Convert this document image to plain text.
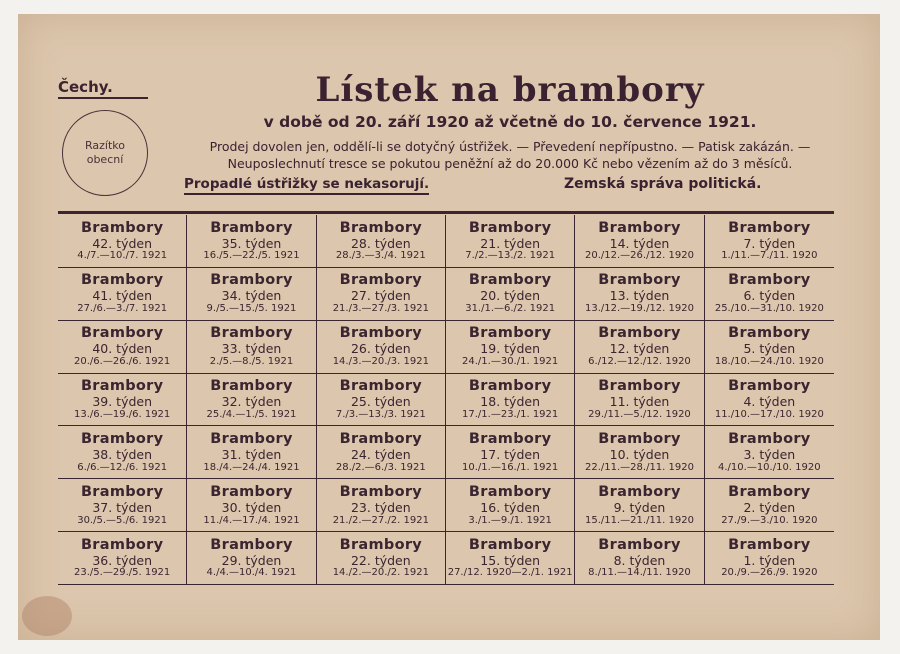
Čechy.
Razítko obecní
Lístek na brambory
v době od 20. září 1920 až včetně do 10. července 1921.
Prodej dovolen jen, oddělí-li se dotyčný ústřižek. — Převedení nepřípustno. — Patisk zakázán. —
Neuposlechnutí tresce se pokutou peněžní až do 20.000 Kč nebo vězením až do 3 měsíců.
Propadlé ústřižky se nekasorují.	Zemská správa politická.
Brambory
42. týden
4./7.—10./7. 1921
Brambory
35. týden
16./5.—22./5. 1921
Brambory
28. týden
28./3.—3./4. 1921
Brambory
21. týden
7./2.—13./2. 1921
Brambory
14. týden
20./12.—26./12. 1920
Brambory
7. týden
1./11.—7./11. 1920
Brambory
41. týden
27./6.—3./7. 1921
Brambory
34. týden
9./5.—15./5. 1921
Brambory
27. týden
21./3.—27./3. 1921
Brambory
20. týden
31./1.—6./2. 1921
Brambory
13. týden
13./12.—19./12. 1920
Brambory
6. týden
25./10.—31./10. 1920
Brambory
40. týden
20./6.—26./6. 1921
Brambory
33. týden
2./5.—8./5. 1921
Brambory
26. týden
14./3.—20./3. 1921
Brambory
19. týden
24./1.—30./1. 1921
Brambory
12. týden
6./12.—12./12. 1920
Brambory
5. týden
18./10.—24./10. 1920
Brambory
39. týden
13./6.—19./6. 1921
Brambory
32. týden
25./4.—1./5. 1921
Brambory
25. týden
7./3.—13./3. 1921
Brambory
18. týden
17./1.—23./1. 1921
Brambory
11. týden
29./11.—5./12. 1920
Brambory
4. týden
11./10.—17./10. 1920
Brambory
38. týden
6./6.—12./6. 1921
Brambory
31. týden
18./4.—24./4. 1921
Brambory
24. týden
28./2.—6./3. 1921
Brambory
17. týden
10./1.—16./1. 1921
Brambory
10. týden
22./11.—28./11. 1920
Brambory
3. týden
4./10.—10./10. 1920
Brambory
37. týden
30./5.—5./6. 1921
Brambory
30. týden
11./4.—17./4. 1921
Brambory
23. týden
21./2.—27./2. 1921
Brambory
16. týden
3./1.—9./1. 1921
Brambory
9. týden
15./11.—21./11. 1920
Brambory
2. týden
27./9.—3./10. 1920
Brambory
36. týden
23./5.—29./5. 1921
Brambory
29. týden
4./4.—10./4. 1921
Brambory
22. týden
14./2.—20./2. 1921
Brambory
15. týden
27./12. 1920—2./1. 1921
Brambory
8. týden
8./11.—14./11. 1920
Brambory
1. týden
20./9.—26./9. 1920
